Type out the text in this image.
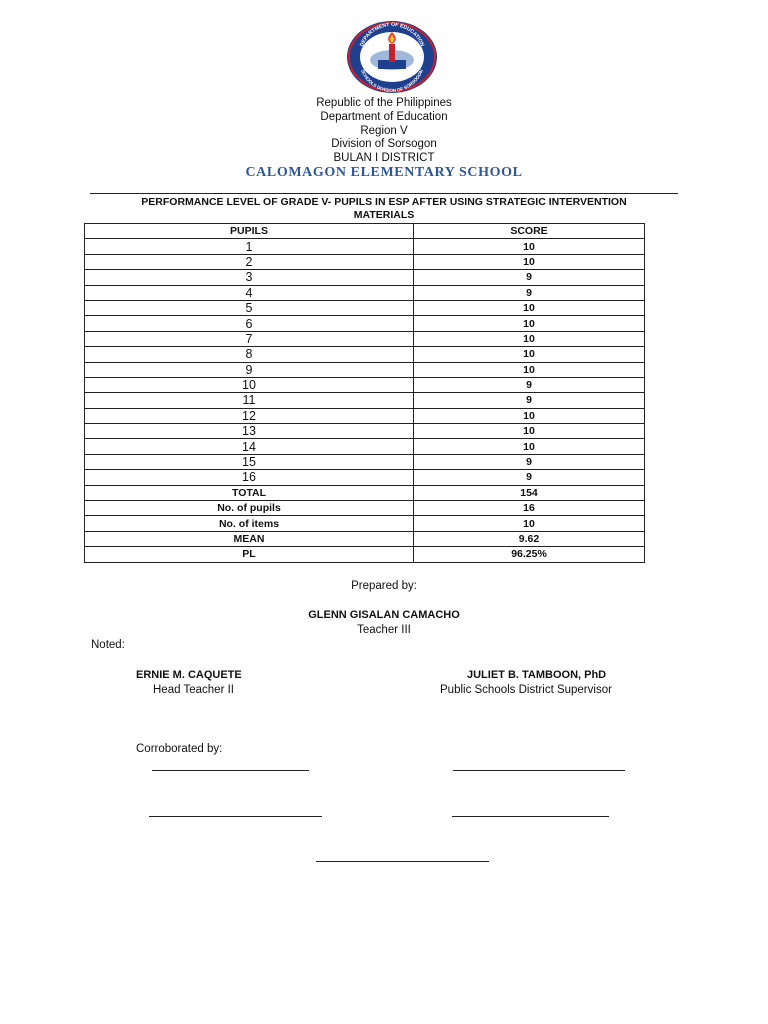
DEPARTMENT OF EDUCATION
SCHOOLS DIVISION OF SORSOGON
Republic of the Philippines
Department of Education
Region V
Division of Sorsogon
BULAN I DISTRICT
CALOMAGON ELEMENTARY SCHOOL
PERFORMANCE LEVEL OF GRADE V- PUPILS IN ESP AFTER USING STRATEGIC INTERVENTION
MATERIALS
PUPILS	SCORE
1	10
2	10
3	9
4	9
5	10
6	10
7	10
8	10
9	10
10	9
11	9
12	10
13	10
14	10
15	9
16	9
TOTAL	154
No. of pupils	16
No. of items	10
MEAN	9.62
PL	96.25%
Prepared by:
GLENN GISALAN CAMACHO
Teacher III
Noted:
ERNIE M. CAQUETE
Head Teacher II
JULIET B. TAMBOON, PhD
Public Schools District Supervisor
Corroborated by:
